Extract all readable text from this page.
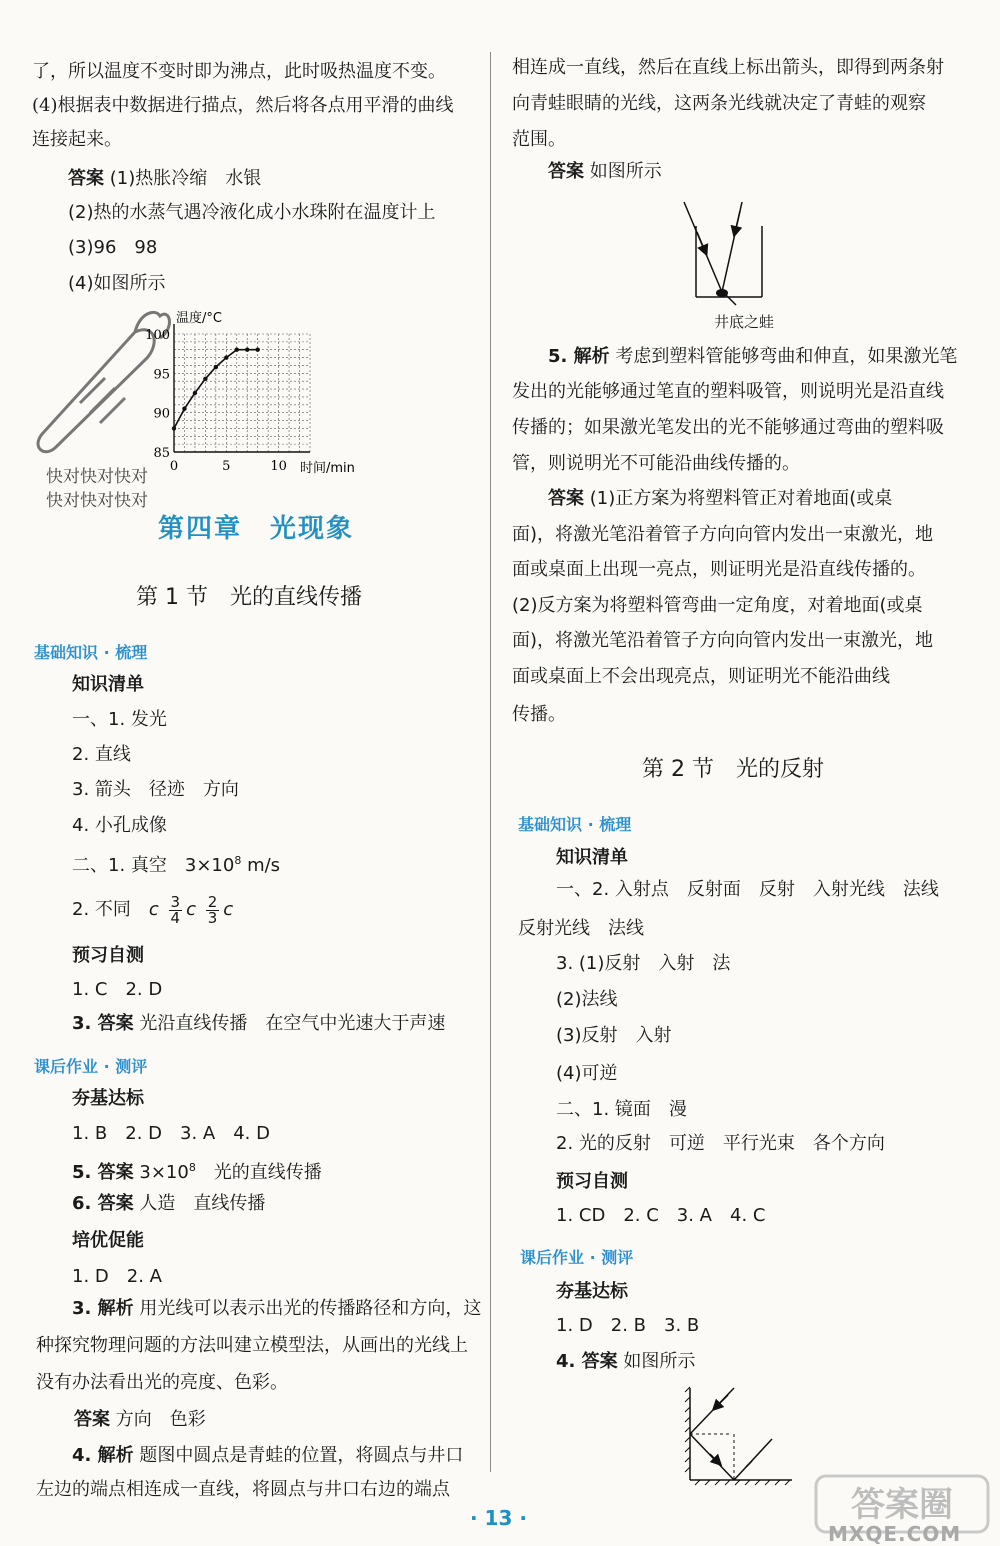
了，所以温度不变时即为沸点，此时吸热温度不变。
(4)根据表中数据进行描点，然后将各点用平滑的曲线
连接起来。
答案 (1)热胀冷缩　水银
(2)热的水蒸气遇冷液化成小水珠附在温度计上
(3)96　98
(4)如图所示
快对快对快对
快对快对快对
0	5	10
85
90
95
100
温度/°C
时间/min
第四章　光现象
第 1 节　光的直线传播
基础知识 · 梳理
知识清单
一、1. 发光
2. 直线
3. 箭头　径迹　方向
4. 小孔成像
二、1. 真空　$3\times 10^8$ m/s
2. 不同　c $\frac{3}{4}$ c $\frac{2}{3}$ c
预习自测
1. C　2. D
3. 答案 光沿直线传播　在空气中光速大于声速
课后作业 · 测评
夯基达标
1. B　2. D　3. A　4. D
5. 答案 $3\times 10^8$　光的直线传播
6. 答案 人造　直线传播
培优促能
1. D　2. A
3. 解析 用光线可以表示出光的传播路径和方向，这
种探究物理问题的方法叫建立模型法，从画出的光线上
没有办法看出光的亮度、色彩。
答案 方向　色彩
4. 解析 题图中圆点是青蛙的位置，将圆点与井口
左边的端点相连成一直线，将圆点与井口右边的端点
相连成一直线，然后在直线上标出箭头，即得到两条射
向青蛙眼睛的光线，这两条光线就决定了青蛙的观察
范围。
答案 如图所示
井底之蛙
5. 解析 考虑到塑料管能够弯曲和伸直，如果激光笔
发出的光能够通过笔直的塑料吸管，则说明光是沿直线
传播的；如果激光笔发出的光不能够通过弯曲的塑料吸
管，则说明光不可能沿曲线传播的。
答案 (1)正方案为将塑料管正对着地面(或桌
面)，将激光笔沿着管子方向向管内发出一束激光，地
面或桌面上出现一亮点，则证明光是沿直线传播的。
(2)反方案为将塑料管弯曲一定角度，对着地面(或桌
面)，将激光笔沿着管子方向向管内发出一束激光，地
面或桌面上不会出现亮点，则证明光不能沿曲线
传播。
第 2 节　光的反射
基础知识 · 梳理
知识清单
一、2. 入射点　反射面　反射　入射光线　法线
反射光线　法线
3. (1)反射　入射　法
(2)法线
(3)反射　入射
(4)可逆
二、1. 镜面　漫
2. 光的反射　可逆　平行光束　各个方向
预习自测
1. CD　2. C　3. A　4. C
课后作业 · 测评
夯基达标
1. D　2. B　3. B
4. 答案 如图所示
· 13 ·	答案圈
MXQE.COM
